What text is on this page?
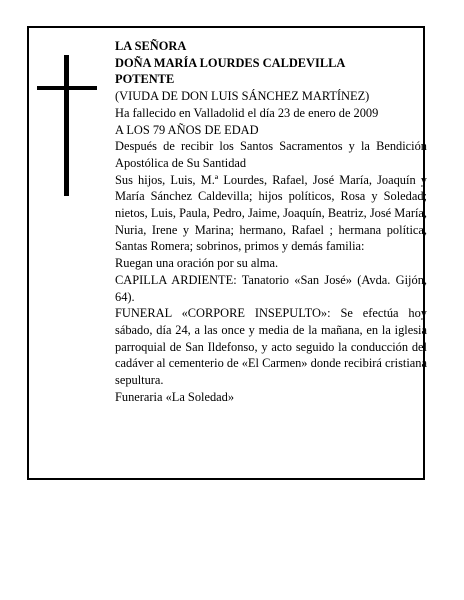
LA SEÑORA

DOÑA MARÍA LOURDES CALDEVILLA

POTENTE

(VIUDA DE DON LUIS SÁNCHEZ MARTÍNEZ)

Ha fallecido en Valladolid el día 23 de enero de 2009

A LOS 79 AÑOS DE EDAD

Después de recibir los Santos Sacramentos y la Bendición Apostólica de Su Santidad

Sus hijos, Luis, M.ª Lourdes, Rafael, José María, Joaquín y María Sánchez Caldevilla; hijos políticos, Rosa y Soledad; nietos, Luis, Paula, Pedro, Jaime, Joaquín, Beatriz, José María, Nuria, Irene y Marina; hermano, Rafael ; hermana política, Santas Romera; sobrinos, primos y demás familia:

Ruegan una oración por su alma.

CAPILLA ARDIENTE: Tanatorio «San José» (Avda. Gijón, 64).

FUNERAL «CORPORE INSEPULTO»: Se efectúa hoy sábado, día 24, a las once y media de la mañana, en la iglesia parroquial de San Ildefonso, y acto seguido la conducción del cadáver al cementerio de «El Carmen» donde recibirá cristiana sepultura.

Funeraria «La Soledad»
